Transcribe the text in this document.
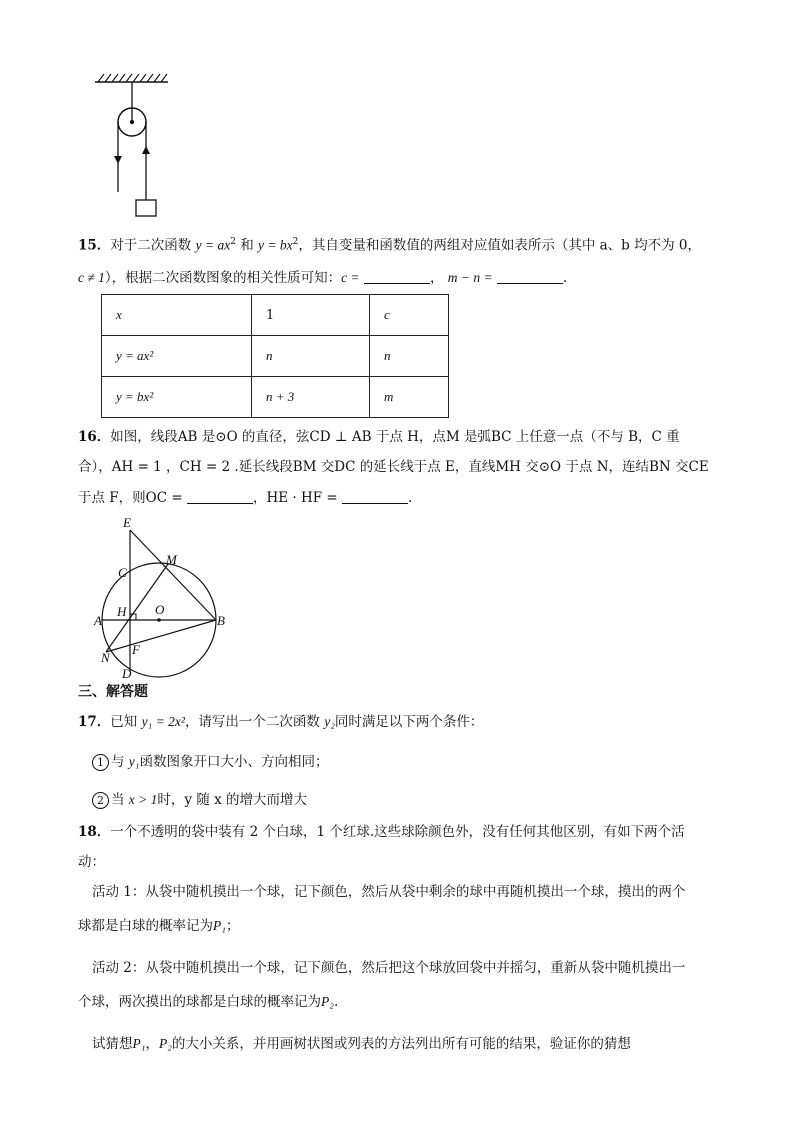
15．对于二次函数 $y = ax^2$ 和 $y = bx^2$，其自变量和函数值的两组对应值如表所示（其中 a、b 均不为 0，
c ≠ 1），根据二次函数图象的相关性质可知：c =	， m − n =	.
x	1	c
y = ax²	n	n
y = bx²	n + 3	m
16．如图，线段AB 是⊙O 的直径，弦CD ⊥ AB 于点 H，点M 是弧BC 上任意一点（不与 B，C 重
合），AH = 1 ，CH = 2 .延长线段BM 交DC 的延长线于点 E，直线MH 交⊙O 于点 N，连结BN 交CE
于点 F，则OC =	，HE · HF =	.
E
C
M
O
A
H
B
N
F
D
三、解答题
17．已知 y₁ = 2x²，请写出一个二次函数 y₂同时满足以下两个条件：
1 与 y₁函数图象开口大小、方向相同；
2 当 x > 1时，y 随 x 的增大而增大
18．一个不透明的袋中装有 2 个白球，1 个红球.这些球除颜色外，没有任何其他区别，有如下两个活
动：
活动 1：从袋中随机摸出一个球，记下颜色，然后从袋中剩余的球中再随机摸出一个球，摸出的两个
球都是白球的概率记为P₁；
活动 2：从袋中随机摸出一个球，记下颜色，然后把这个球放回袋中并摇匀，重新从袋中随机摸出一
个球，两次摸出的球都是白球的概率记为P₂.
试猜想P₁，P₂的大小关系，并用画树状图或列表的方法列出所有可能的结果，验证你的猜想
